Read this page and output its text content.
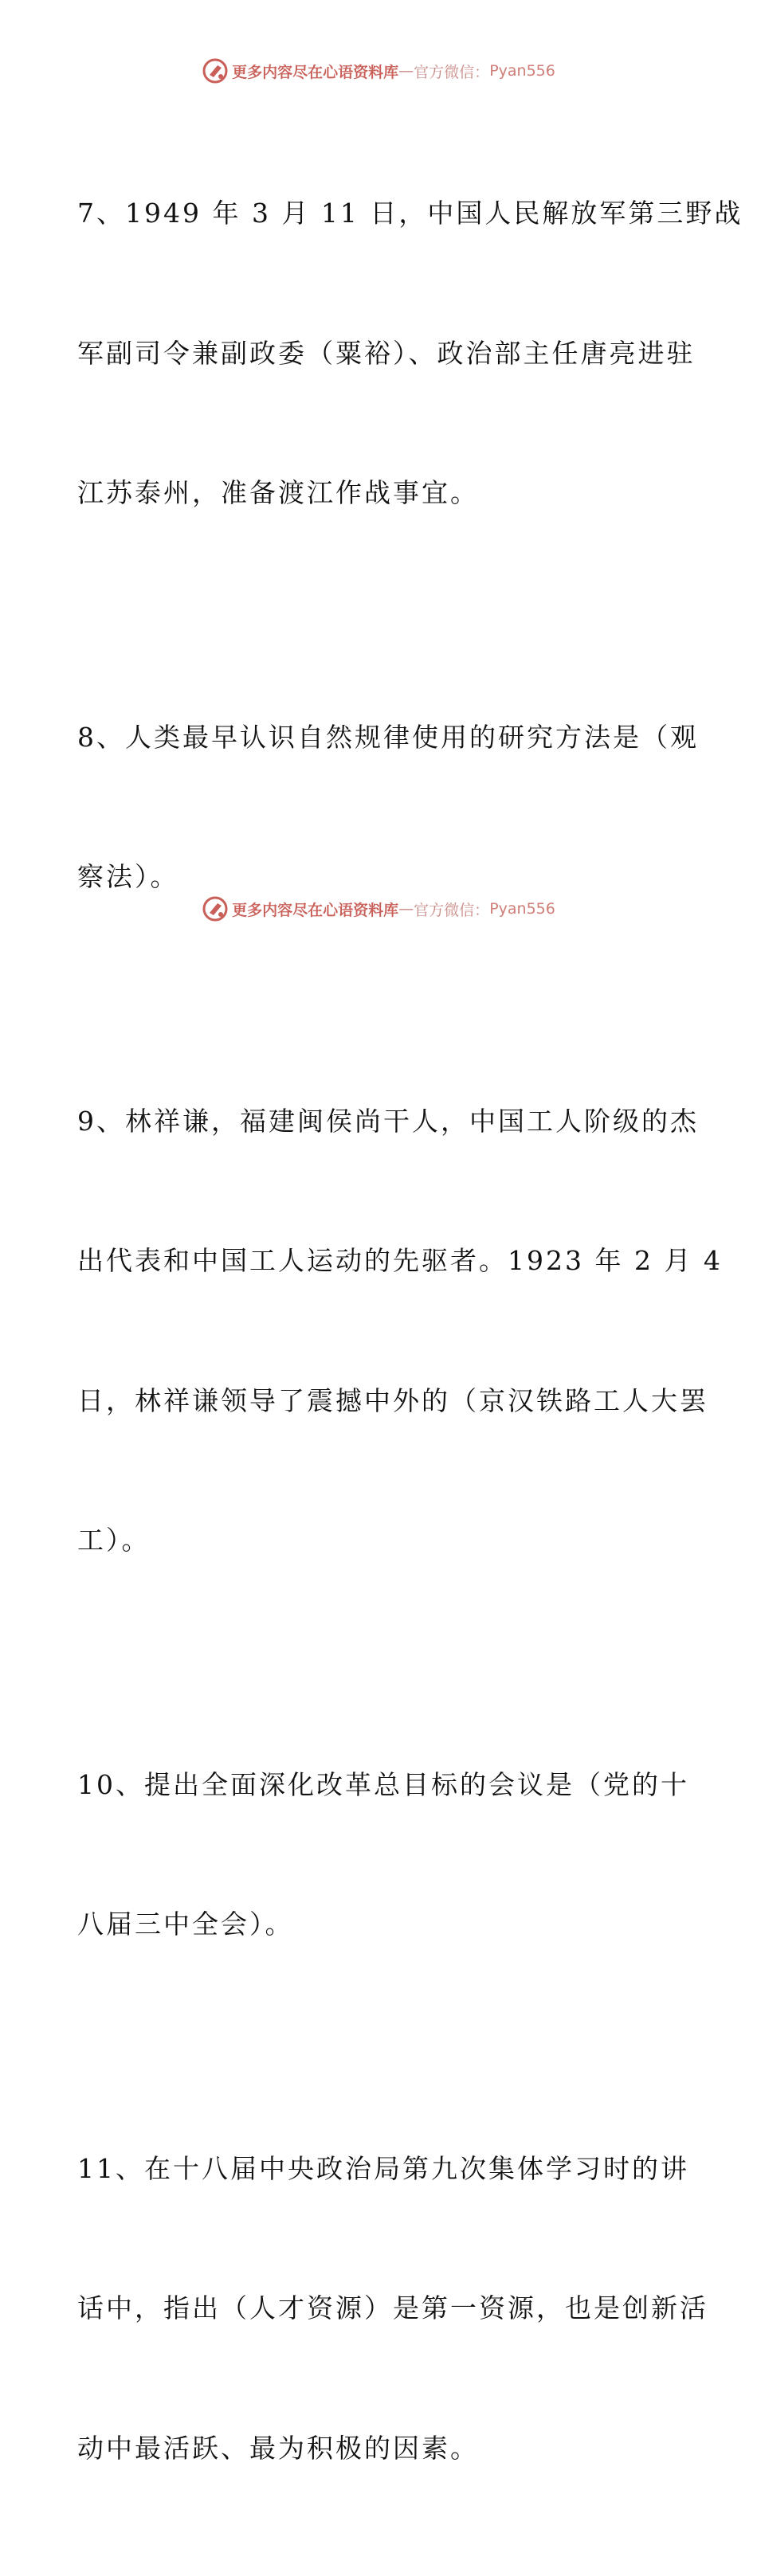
更多内容尽在心语资料库 — 官方微信： Pyan556

7、1949 年 3 月 11 日，中国人民解放军第三野战

军副司令兼副政委（粟裕）、政治部主任唐亮进驻

江苏泰州，准备渡江作战事宜。

8、人类最早认识自然规律使用的研究方法是（观

察法）。

9、林祥谦，福建闽侯尚干人，中国工人阶级的杰

出代表和中国工人运动的先驱者。1923 年 2 月 4

日，林祥谦领导了震撼中外的（京汉铁路工人大罢

工）。

10、提出全面深化改革总目标的会议是（党的十

八届三中全会）。

11、在十八届中央政治局第九次集体学习时的讲

话中，指出（人才资源）是第一资源，也是创新活

动中最活跃、最为积极的因素。

更多内容尽在心语资料库 — 官方微信： Pyan556
